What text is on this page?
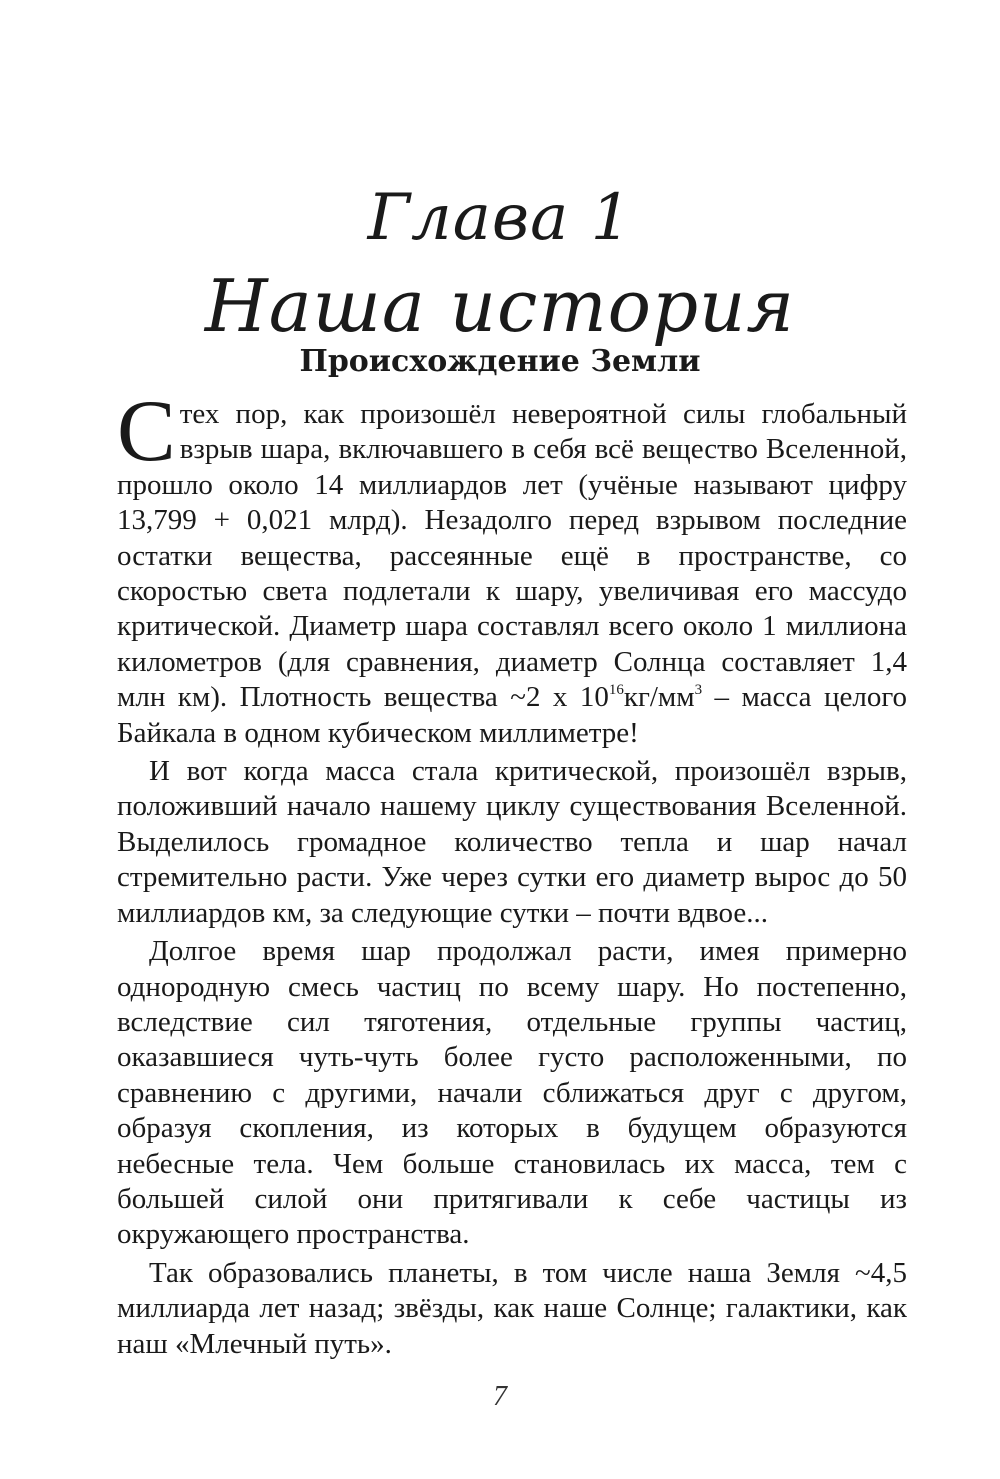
Глава 1
Наша история
Происхождение Земли

Стех пор, как произошёл невероятной силы глобальный взрыв шара, включавшего в себя всё вещество Вселенной, прошло около 14 миллиардов лет (учёные называют цифру 13,799 + 0,021 млрд). Незадолго перед взрывом последние остатки вещества, рассеянные ещё в пространстве, со скоростью света подлетали к шару, увеличивая его массудо критической. Диаметр шара составлял всего около 1 миллиона километров (для сравнения, диаметр Солнца составляет 1,4 млн км). Плотность вещества ~2 x $10^{16}кг/мм^3$ – масса целого Байкала в одном кубическом миллиметре!

И вот когда масса стала критической, произошёл взрыв, положивший начало нашему циклу существования Вселенной. Выделилось громадное количество тепла и шар начал стремительно расти. Уже через сутки его диаметр вырос до 50 миллиардов км, за следующие сутки – почти вдвое...

Долгое время шар продолжал расти, имея примерно однородную смесь частиц по всему шару. Но постепенно, вследствие сил тяготения, отдельные группы частиц, оказавшиеся чуть-чуть более густо расположенными, по сравнению с другими, начали сближаться друг с другом, образуя скопления, из которых в будущем образуются небесные тела. Чем больше становилась их масса, тем с большей силой они притягивали к себе частицы из окружающего пространства.

Так образовались планеты, в том числе наша Земля ~4,5 миллиарда лет назад; звёзды, как наше Солнце; галактики, как наш «Млечный путь».

7
